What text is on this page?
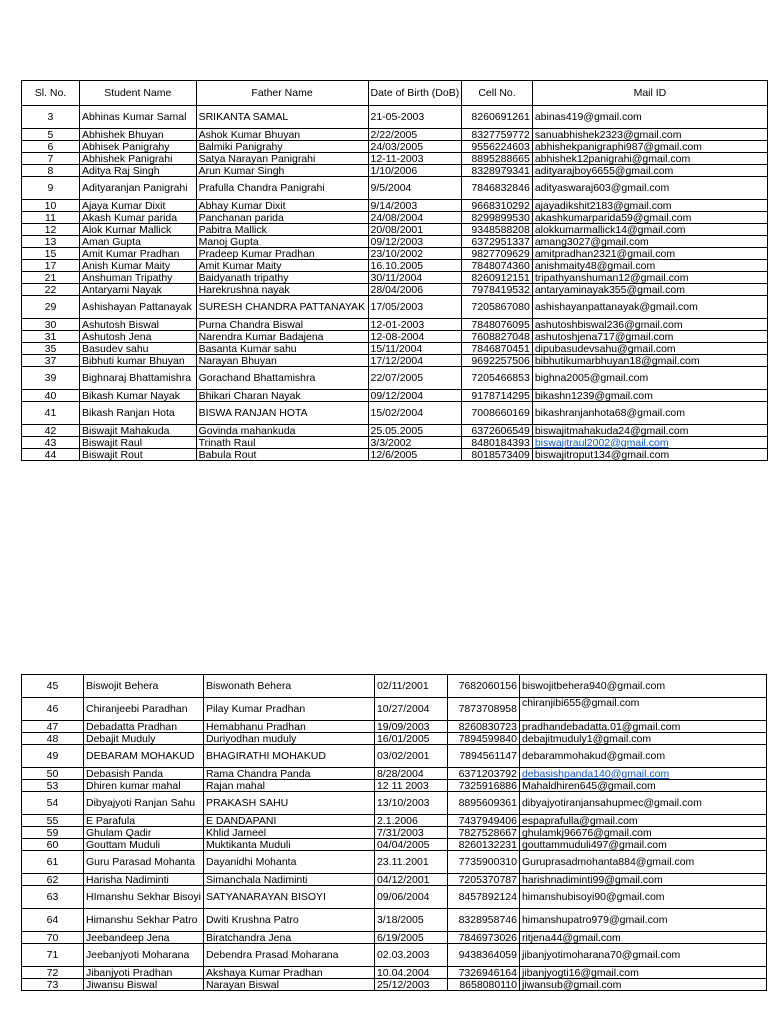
Sl. No.	Student Name	Father Name	Date of Birth (DoB)	Cell No.	Mail ID
3	Abhinas Kumar Samal	SRIKANTA SAMAL	21-05-2003	8260691261	abinas419@gmail.com
5	Abhishek Bhuyan	Ashok Kumar Bhuyan	2/22/2005	8327759772	sanuabhishek2323@gmail.com
6	Abhisek Panigrahy	Balmiki Panigrahy	24/03/2005	9556224603	abhishekpanigraphi987@gmail.com
7	Abhishek Panigrahi	Satya Narayan Panigrahi	12-11-2003	8895288665	abhishek12panigrahi@gmail.com
8	Aditya Raj Singh	Arun Kumar Singh	1/10/2006	8328979341	adityarajboy6655@gmail.com
9	Adityaranjan Panigrahi	Prafulla Chandra Panigrahi	9/5/2004	7846832846	adityaswaraj603@gmail.com
10	Ajaya Kumar Dixit	Abhay Kumar Dixit	9/14/2003	9668310292	ajayadikshit2183@gmail.com
11	Akash Kumar parida	Panchanan parida	24/08/2004	8299899530	akashkumarparida59@gmail.com
12	Alok Kumar Mallick	Pabitra Mallick	20/08/2001	9348588208	alokkumarmallick14@gmail.com
13	Aman Gupta	Manoj Gupta	09/12/2003	6372951337	amang3027@gmail.com
15	Amit Kumar Pradhan	Pradeep Kumar Pradhan	23/10/2002	9827709629	amitpradhan2321@gmail.com
17	Anish Kumar Maity	Amit Kumar Maity	16.10.2005	7848074360	anishmaity48@gmail.com
21	Anshuman Tripathy	Baidyanath tripathy	30/11/2004	8260912151	tripathyanshuman12@gmail.com
22	Antaryami Nayak	Harekrushna nayak	28/04/2006	7978419532	antaryaminayak355@gmail.com
29	Ashishayan Pattanayak	SURESH CHANDRA PATTANAYAK	17/05/2003	7205867080	ashishayanpattanayak@gmail.com
30	Ashutosh Biswal	Purna Chandra Biswal	12-01-2003	7848076095	ashutoshbiswal236@gmail.com
31	Ashutosh Jena	Narendra Kumar Badajena	12-08-2004	7608827048	ashutoshjena717@gmail.com
35	Basudev sahu	Basanta Kumar sahu	15/11/2004	7846870451	dipubasudevsahu@gmail.com
37	Bibhuti kumar Bhuyan	Narayan Bhuyan	17/12/2004	9692257506	bibhutikumarbhuyan18@gmail.com
39	Bighnaraj Bhattamishra	Gorachand Bhattamishra	22/07/2005	7205466853	bighna2005@gmail.com
40	Bikash Kumar Nayak	Bhikari Charan Nayak	09/12/2004	9178714295	bikashn1239@gmail.com
41	Bikash Ranjan Hota	BISWA RANJAN HOTA	15/02/2004	7008660169	bikashranjanhota68@gmail.com
42	Biswajit Mahakuda	Govinda mahankuda	25.05.2005	6372606549	biswajitmahakuda24@gmail.com
43	Biswajit Raul	Trinath Raul	3/3/2002	8480184393	biswajitraul2002@gmail.com
44	Biswajit Rout	Babula Rout	12/6/2005	8018573409	biswajitroput134@gmail.com
45	Biswojit Behera	Biswonath Behera	02/11/2001	7682060156	biswojitbehera940@gmail.com
46	Chiranjeebi Paradhan	Pilay Kumar Pradhan	10/27/2004	7873708958	chiranjibi655@gmail.com
47	Debadatta Pradhan	Hemabhanu Pradhan	19/09/2003	8260830723	pradhandebadatta.01@gmail.com
48	Debajit Muduly	Duriyodhan muduly	16/01/2005	7894599840	debajitmuduly1@gmail.com
49	DEBARAM MOHAKUD	BHAGIRATHI MOHAKUD	03/02/2001	7894561147	debarammohakud@gmail.com
50	Debasish Panda	Rama Chandra Panda	8/28/2004	6371203792	debasishpanda140@gmail.com
53	Dhiren kumar mahal	Rajan mahal	12 11 2003	7325916886	Mahaldhiren645@gmail.com
54	Dibyajyoti Ranjan Sahu	PRAKASH SAHU	13/10/2003	8895609361	dibyajyotiranjansahupmec@gmail.com
55	E Parafula	E DANDAPANI	2.1.2006	7437949406	espaprafulla@gmail.com
59	Ghulam Qadir	Khlid Jameel	7/31/2003	7827528667	ghulamkj96676@gmail.com
60	Gouttam Muduli	Muktikanta Muduli	04/04/2005	8260132231	gouttammuduli497@gmail.com
61	Guru Parasad Mohanta	Dayanidhi Mohanta	23.11.2001	7735900310	Guruprasadmohanta884@gmail.com
62	Harisha Nadiminti	Simanchala Nadiminti	04/12/2001	7205370787	harishnadiminti99@gmail.com
63	HImanshu Sekhar Bisoyi	SATYANARAYAN BISOYI	09/06/2004	8457892124	himanshubisoyi90@gmail.com
64	Himanshu Sekhar Patro	Dwiti Krushna Patro	3/18/2005	8328958746	himanshupatro979@gmail.com
70	Jeebandeep Jena	Biratchandra Jena	6/19/2005	7846973026	ritjena44@gmail.com
71	Jeebanjyoti Moharana	Debendra Prasad Moharana	02.03.2003	9438364059	jibanjyotimoharana70@gmail.com
72	Jibanjyoti Pradhan	Akshaya Kumar Pradhan	10.04.2004	7326946164	jibanjyogti16@gmail.com
73	Jiwansu Biswal	Narayan Biswal	25/12/2003	8658080110	jiwansub@gmail.com
